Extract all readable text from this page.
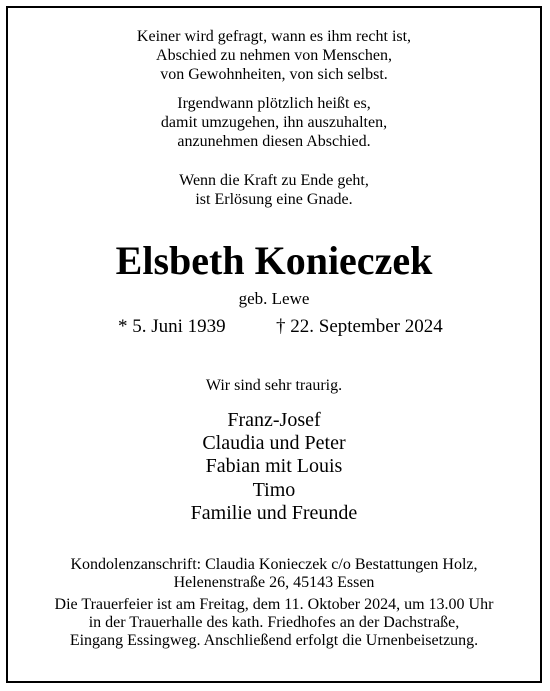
Keiner wird gefragt, wann es ihm recht ist,
Abschied zu nehmen von Menschen,
von Gewohnheiten, von sich selbst.
Irgendwann plötzlich heißt es,
damit umzugehen, ihn auszuhalten,
anzunehmen diesen Abschied.
Wenn die Kraft zu Ende geht,
ist Erlösung eine Gnade.
Elsbeth Konieczek
geb. Lewe
* 5. Juni 1939	† 22. September 2024
Wir sind sehr traurig.
Franz-Josef
Claudia und Peter
Fabian mit Louis
Timo
Familie und Freunde
Kondolenzanschrift: Claudia Konieczek c/o Bestattungen Holz,
Helenenstraße 26, 45143 Essen
Die Trauerfeier ist am Freitag, dem 11. Oktober 2024, um 13.00 Uhr
in der Trauerhalle des kath. Friedhofes an der Dachstraße,
Eingang Essingweg. Anschließend erfolgt die Urnenbeisetzung.
